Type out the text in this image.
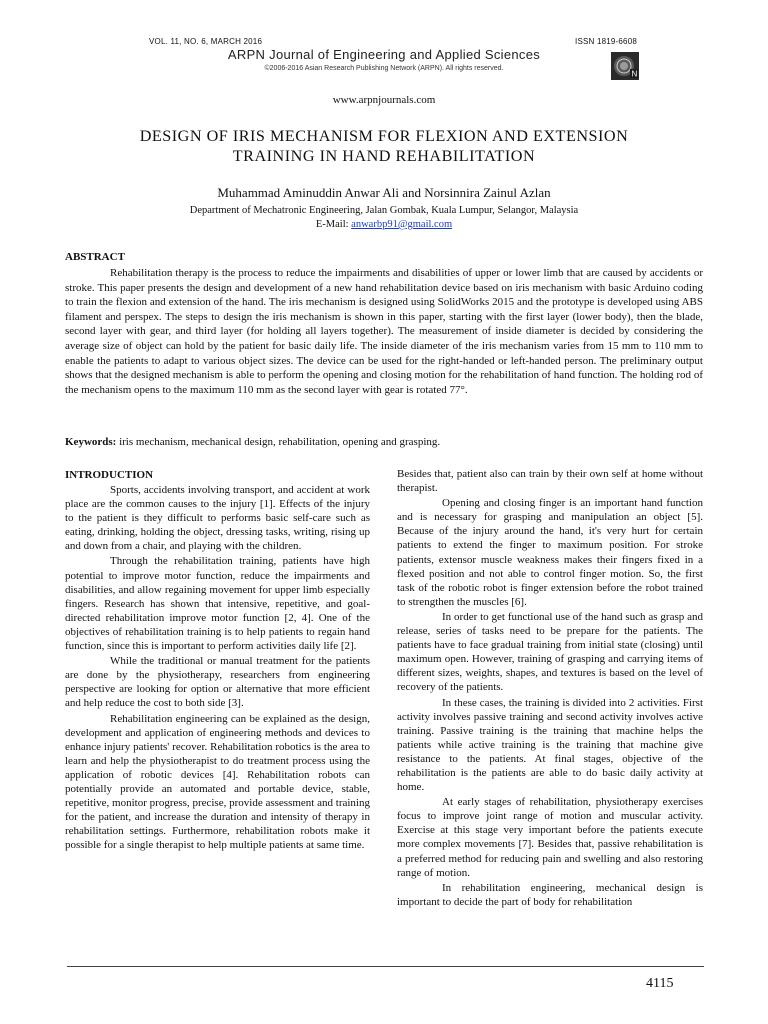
VOL. 11, NO. 6, MARCH 2016	ISSN 1819-6608
ARPN Journal of Engineering and Applied Sciences
©2006-2016 Asian Research Publishing Network (ARPN). All rights reserved.
N
www.arpnjournals.com
DESIGN OF IRIS MECHANISM FOR FLEXION AND EXTENSION
TRAINING IN HAND REHABILITATION
Muhammad Aminuddin Anwar Ali and Norsinnira Zainul Azlan
Department of Mechatronic Engineering, Jalan Gombak, Kuala Lumpur, Selangor, Malaysia
E-Mail: anwarbp91@gmail.com
ABSTRACT

Rehabilitation therapy is the process to reduce the impairments and disabilities of upper or lower limb that are caused by accidents or stroke. This paper presents the design and development of a new hand rehabilitation device based on iris mechanism with basic Arduino coding to train the flexion and extension of the hand. The iris mechanism is designed using SolidWorks 2015 and the prototype is developed using ABS filament and perspex. The steps to design the iris mechanism is shown in this paper, starting with the first layer (lower body), then the blade, second layer with gear, and third layer (for holding all layers together). The measurement of inside diameter is decided by considering the average size of object can hold by the patient for basic daily life. The inside diameter of the iris mechanism varies from 15 mm to 110 mm to enable the patients to adapt to various object sizes. The device can be used for the right-handed or left-handed person. The preliminary output shows that the designed mechanism is able to perform the opening and closing motion for the rehabilitation of hand function. The holding rod of the mechanism opens to the maximum 110 mm as the second layer with gear is rotated 77°.

Keywords: iris mechanism, mechanical design, rehabilitation, opening and grasping.
INTRODUCTION

Sports, accidents involving transport, and accident at work place are the common causes to the injury [1]. Effects of the injury to the patient is they difficult to performs basic self-care such as eating, drinking, holding the object, dressing tasks, writing, rising up and down from a chair, and playing with the children.

Through the rehabilitation training, patients have high potential to improve motor function, reduce the impairments and disabilities, and allow regaining movement for upper limb especially fingers. Research has shown that intensive, repetitive, and goal-directed rehabilitation improve motor function [2, 4]. One of the objectives of rehabilitation training is to help patients to regain hand function, since this is important to perform activities daily life [2].

While the traditional or manual treatment for the patients are done by the physiotherapy, researchers from engineering perspective are looking for option or alternative that more efficient and help reduce the cost to both side [3].

Rehabilitation engineering can be explained as the design, development and application of engineering methods and devices to enhance injury patients' recover. Rehabilitation robotics is the area to learn and help the physiotherapist to do treatment process using the application of robotic devices [4]. Rehabilitation robots can potentially provide an automated and portable device, stable, repetitive, monitor progress, precise, provide assessment and training for the patient, and increase the duration and intensity of therapy in rehabilitation settings. Furthermore, rehabilitation robots make it possible for a single therapist to help multiple patients at same time.

Besides that, patient also can train by their own self at home without therapist.

Opening and closing finger is an important hand function and is necessary for grasping and manipulation an object [5]. Because of the injury around the hand, it's very hurt for certain patients to extend the finger to maximum position. For stroke patients, extensor muscle weakness makes their fingers fixed in a flexed position and not able to control finger motion. So, the first task of the robotic robot is finger extension before the robot trained to strengthen the muscles [6].

In order to get functional use of the hand such as grasp and release, series of tasks need to be prepare for the patients. The patients have to face gradual training from initial state (closing) until maximum open. However, training of grasping and carrying items of different sizes, weights, shapes, and textures is based on the level of recovery of the patients.

In these cases, the training is divided into 2 activities. First activity involves passive training and second activity involves active training. Passive training is the training that machine helps the patients while active training is the training that machine give resistance to the patients. At final stages, objective of the rehabilitation is the patients are able to do basic daily activity at home.

At early stages of rehabilitation, physiotherapy exercises focus to improve joint range of motion and muscular activity. Exercise at this stage very important before the patients execute more complex movements [7]. Besides that, passive rehabilitation is a preferred method for reducing pain and swelling and also restoring range of motion.

In rehabilitation engineering, mechanical design is important to decide the part of body for rehabilitation

4115
